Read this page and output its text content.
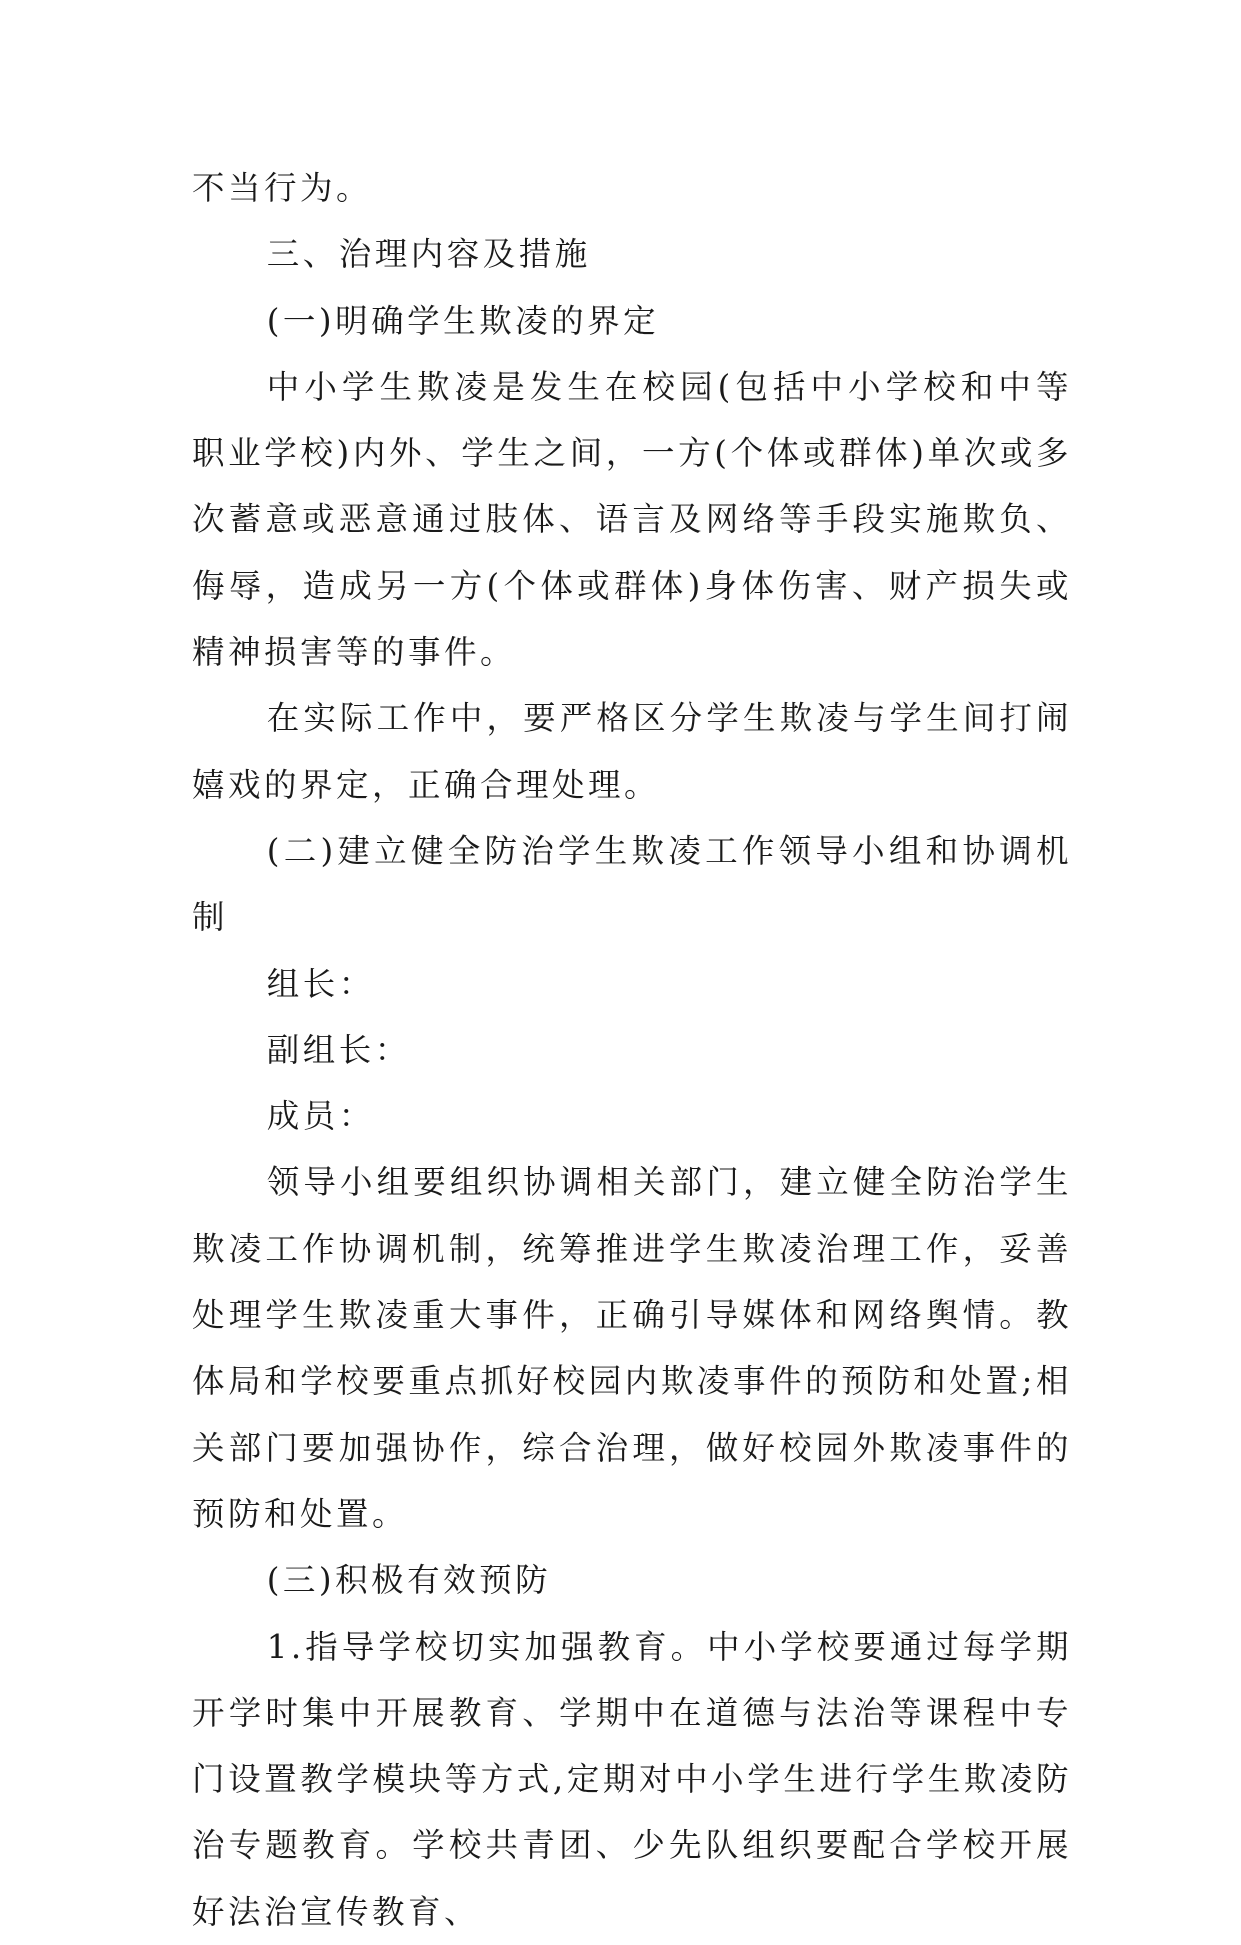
不当行为。

三、治理内容及措施

(一)明确学生欺凌的界定

中小学生欺凌是发生在校园(包括中小学校和中等职业学校)内外、学生之间，一方(个体或群体)单次或多次蓄意或恶意通过肢体、语言及网络等手段实施欺负、侮辱，造成另一方(个体或群体)身体伤害、财产损失或精神损害等的事件。

在实际工作中，要严格区分学生欺凌与学生间打闹嬉戏的界定，正确合理处理。

(二)建立健全防治学生欺凌工作领导小组和协调机制

组长：

副组长：

成员：

领导小组要组织协调相关部门，建立健全防治学生欺凌工作协调机制，统筹推进学生欺凌治理工作，妥善处理学生欺凌重大事件，正确引导媒体和网络舆情。教体局和学校要重点抓好校园内欺凌事件的预防和处置;相关部门要加强协作，综合治理，做好校园外欺凌事件的预防和处置。

(三)积极有效预防

1.指导学校切实加强教育。中小学校要通过每学期开学时集中开展教育、学期中在道德与法治等课程中专门设置教学模块等方式,定期对中小学生进行学生欺凌防治专题教育。学校共青团、少先队组织要配合学校开展好法治宣传教育、
